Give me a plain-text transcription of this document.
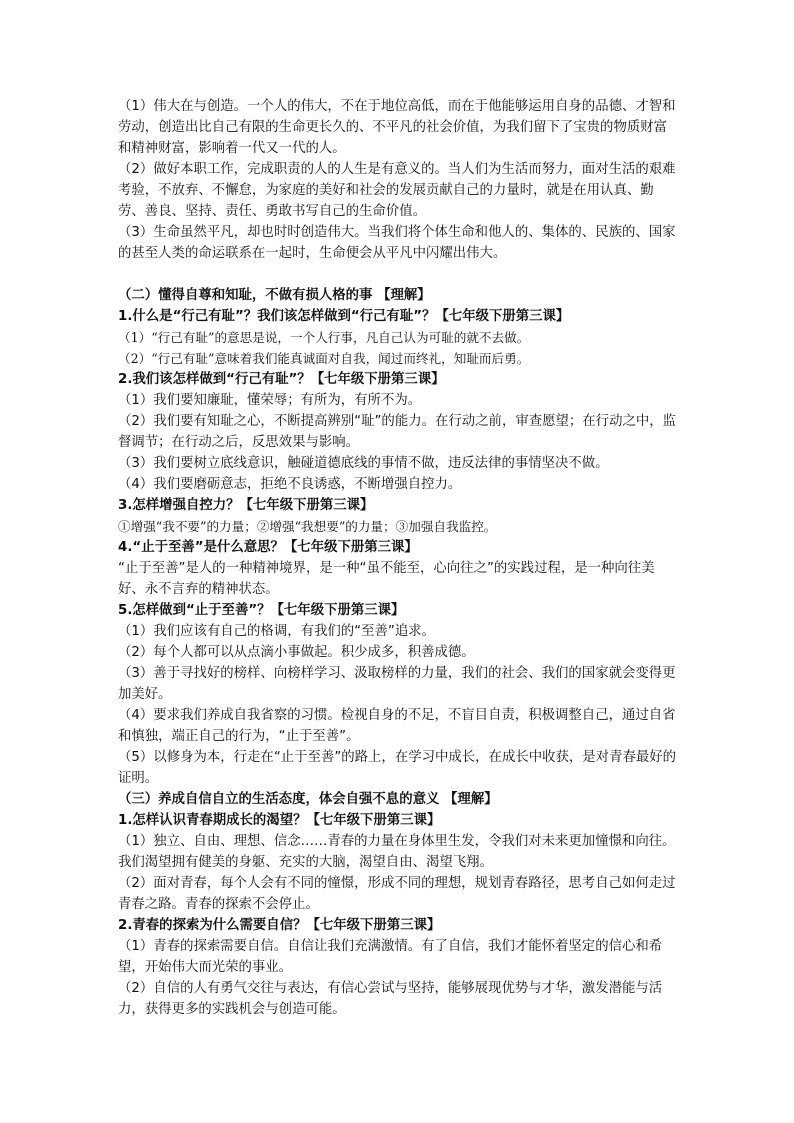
（1）伟大在与创造。一个人的伟大，不在于地位高低，而在于他能够运用自身的品德、才智和劳动，创造出比自己有限的生命更长久的、不平凡的社会价值，为我们留下了宝贵的物质财富和精神财富，影响着一代又一代的人。

（2）做好本职工作，完成职责的人的人生是有意义的。当人们为生活而努力，面对生活的艰难考验，不放弃、不懈怠，为家庭的美好和社会的发展贡献自己的力量时，就是在用认真、勤劳、善良、坚持、责任、勇敢书写自己的生命价值。

（3）生命虽然平凡，却也时时创造伟大。当我们将个体生命和他人的、集体的、民族的、国家的甚至人类的命运联系在一起时，生命便会从平凡中闪耀出伟大。

（二）懂得自尊和知耻，不做有损人格的事 【理解】

1.什么是“行己有耻”？我们该怎样做到“行己有耻”？【七年级下册第三课】

（1）“行己有耻”的意思是说，一个人行事，凡自己认为可耻的就不去做。

（2）“行己有耻”意味着我们能真诚面对自我，闻过而终礼，知耻而后勇。

2.我们该怎样做到“行己有耻”？【七年级下册第三课】

（1）我们要知廉耻，懂荣辱；有所为，有所不为。

（2）我们要有知耻之心，不断提高辨别“耻”的能力。在行动之前，审查愿望；在行动之中，监督调节；在行动之后，反思效果与影响。

（3）我们要树立底线意识，触碰道德底线的事情不做，违反法律的事情坚决不做。

（4）我们要磨砺意志，拒绝不良诱惑，不断增强自控力。

3.怎样增强自控力？【七年级下册第三课】

①增强“我不要”的力量；②增强“我想要”的力量；③加强自我监控。

4.“止于至善”是什么意思？【七年级下册第三课】

“止于至善”是人的一种精神境界，是一种“虽不能至，心向往之”的实践过程，是一种向往美好、永不言弃的精神状态。

5.怎样做到“止于至善”？【七年级下册第三课】

（1）我们应该有自己的格调，有我们的“至善”追求。

（2）每个人都可以从点滴小事做起。积少成多，积善成德。

（3）善于寻找好的榜样、向榜样学习、汲取榜样的力量，我们的社会、我们的国家就会变得更加美好。

（4）要求我们养成自我省察的习惯。检视自身的不足，不盲目自责，积极调整自己，通过自省和慎独，端正自己的行为，“止于至善”。

（5）以修身为本，行走在“止于至善”的路上，在学习中成长，在成长中收获，是对青春最好的证明。

（三）养成自信自立的生活态度，体会自强不息的意义 【理解】

1.怎样认识青春期成长的渴望？【七年级下册第三课】

（1）独立、自由、理想、信念……青春的力量在身体里生发，令我们对未来更加憧憬和向往。我们渴望拥有健美的身躯、充实的大脑，渴望自由、渴望飞翔。

（2）面对青春，每个人会有不同的憧憬，形成不同的理想，规划青春路径，思考自己如何走过青春之路。青春的探索不会停止。

2.青春的探索为什么需要自信？【七年级下册第三课】

（1）青春的探索需要自信。自信让我们充满激情。有了自信，我们才能怀着坚定的信心和希望，开始伟大而光荣的事业。

（2）自信的人有勇气交往与表达，有信心尝试与坚持，能够展现优势与才华，激发潜能与活力，获得更多的实践机会与创造可能。
